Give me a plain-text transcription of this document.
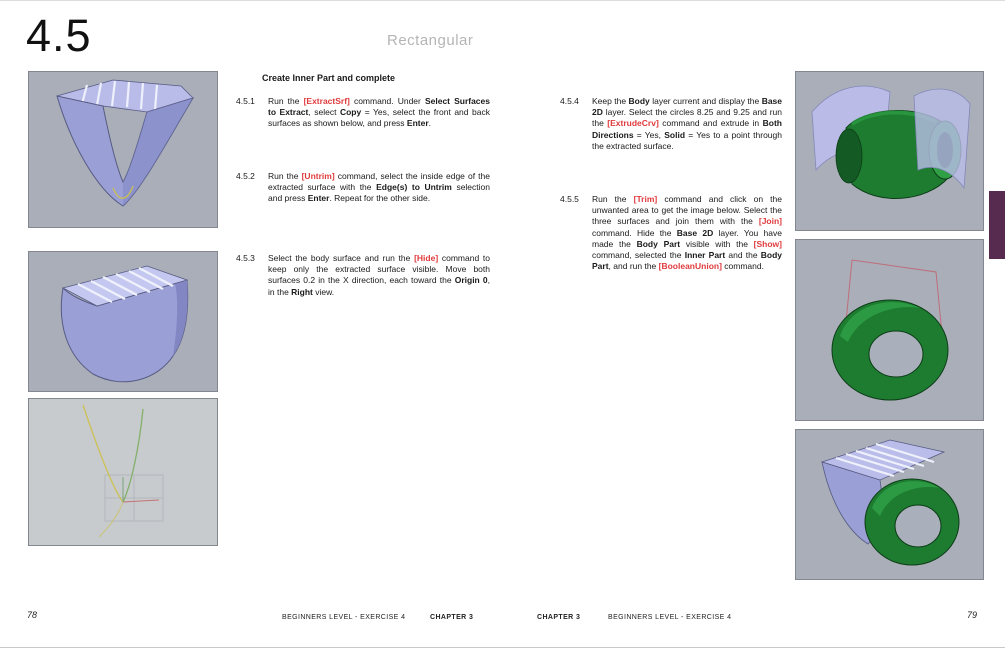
4.5	Rectangular
Create Inner Part and complete
4.5.1	Run the [ExtractSrf] command. Under Select Surfaces to Extract, select Copy = Yes, select the front and back surfaces as shown below, and press Enter.
4.5.2	Run the [Untrim] command, select the inside edge of the extracted surface with the Edge(s) to Untrim selection and press Enter. Repeat for the other side.
4.5.3	Select the body surface and run the [Hide] command to keep only the extracted surface visible. Move both surfaces 0.2 in the X direction, each toward the Origin 0, in the Right view.
4.5.4	Keep the Body layer current and display the Base 2D layer. Select the circles 8.25 and 9.25 and run the [ExtrudeCrv] command and extrude in Both Directions = Yes, Solid = Yes to a point through the extracted surface.
4.5.5	Run the [Trim] command and click on the unwanted area to get the image below. Select the three surfaces and join them with the [Join] command. Hide the Base 2D layer. You have made the Body Part visible with the [Show] command, selected the Inner Part and the Body Part, and run the [BooleanUnion] command.
78	BEGINNERS LEVEL - EXERCISE 4	CHAPTER 3	CHAPTER 3	BEGINNERS LEVEL - EXERCISE 4	79
